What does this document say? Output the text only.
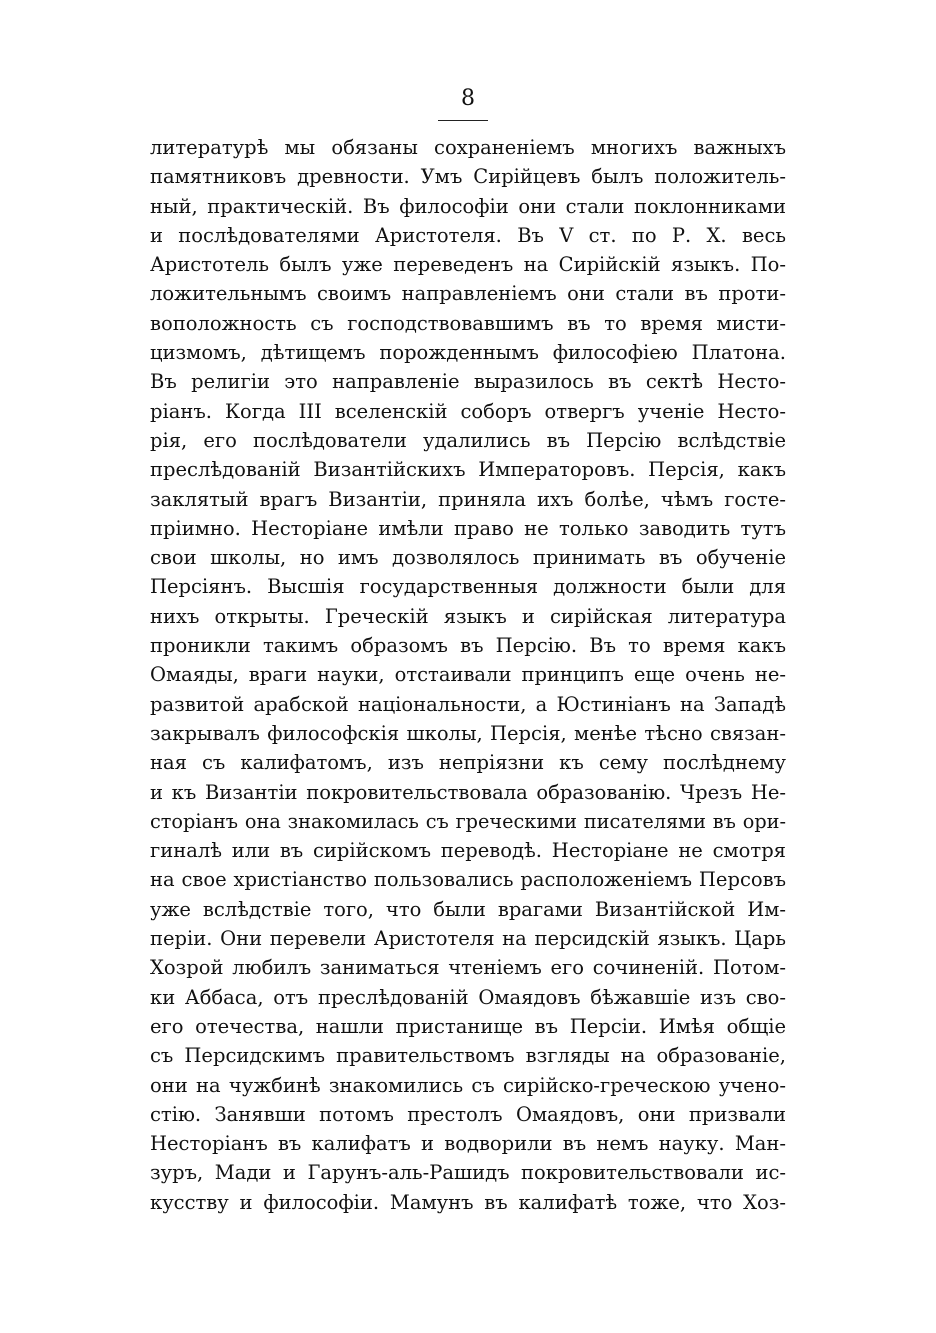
8
литературѣ мы обязаны сохраненіемъ многихъ важныхъ
памятниковъ древности. Умъ Сирійцевъ былъ положитель-
ный, практическій. Въ философіи они стали поклонниками
и послѣдователями Аристотеля. Въ V ст. по Р. Х. весь
Аристотель былъ уже переведенъ на Сирійскій языкъ. По-
ложительнымъ своимъ направленіемъ они стали въ проти-
воположность съ господствовавшимъ въ то время мисти-
цизмомъ, дѣтищемъ порожденнымъ философіею Платона.
Въ религіи это направленіе выразилось въ сектѣ Несто-
ріанъ. Когда III вселенскій соборъ отвергъ ученіе Несто-
рія, его послѣдователи удалились въ Персію вслѣдствіе
преслѣдованій Византійскихъ Императоровъ. Персія, какъ
заклятый врагъ Византіи, приняла ихъ болѣе, чѣмъ госте-
пріимно. Несторіане имѣли право не только заводить тутъ
свои школы, но имъ дозволялось принимать въ обученіе
Персіянъ. Высшія государственныя должности были для
нихъ открыты. Греческій языкъ и сирійская литература
проникли такимъ образомъ въ Персію. Въ то время какъ
Омаяды, враги науки, отстаивали принципъ еще очень не-
развитой арабской національности, а Юстиніанъ на Западѣ
закрывалъ философскія школы, Персія, менѣе тѣсно связан-
ная съ калифатомъ, изъ непріязни къ сему послѣднему
и къ Византіи покровительствовала образованію. Чрезъ Не-
сторіанъ она знакомилась съ греческими писателями въ ори-
гиналѣ или въ сирійскомъ переводѣ. Несторіане не смотря
на свое христіанство пользовались расположеніемъ Персовъ
уже вслѣдствіе того, что были врагами Византійской Им-
періи. Они перевели Аристотеля на персидскій языкъ. Царь
Хозрой любилъ заниматься чтеніемъ его сочиненій. Потом-
ки Аббаса, отъ преслѣдованій Омаядовъ бѣжавшіе изъ сво-
его отечества, нашли пристанище въ Персіи. Имѣя общіе
съ Персидскимъ правительствомъ взгляды на образованіе,
они на чужбинѣ знакомились съ сирійско-греческою учено-
стію. Занявши потомъ престолъ Омаядовъ, они призвали
Несторіанъ въ калифатъ и водворили въ немъ науку. Ман-
зуръ, Мади и Гарунъ-аль-Рашидъ покровительствовали ис-
кусству и философіи. Мамунъ въ калифатѣ тоже, что Хоз-
